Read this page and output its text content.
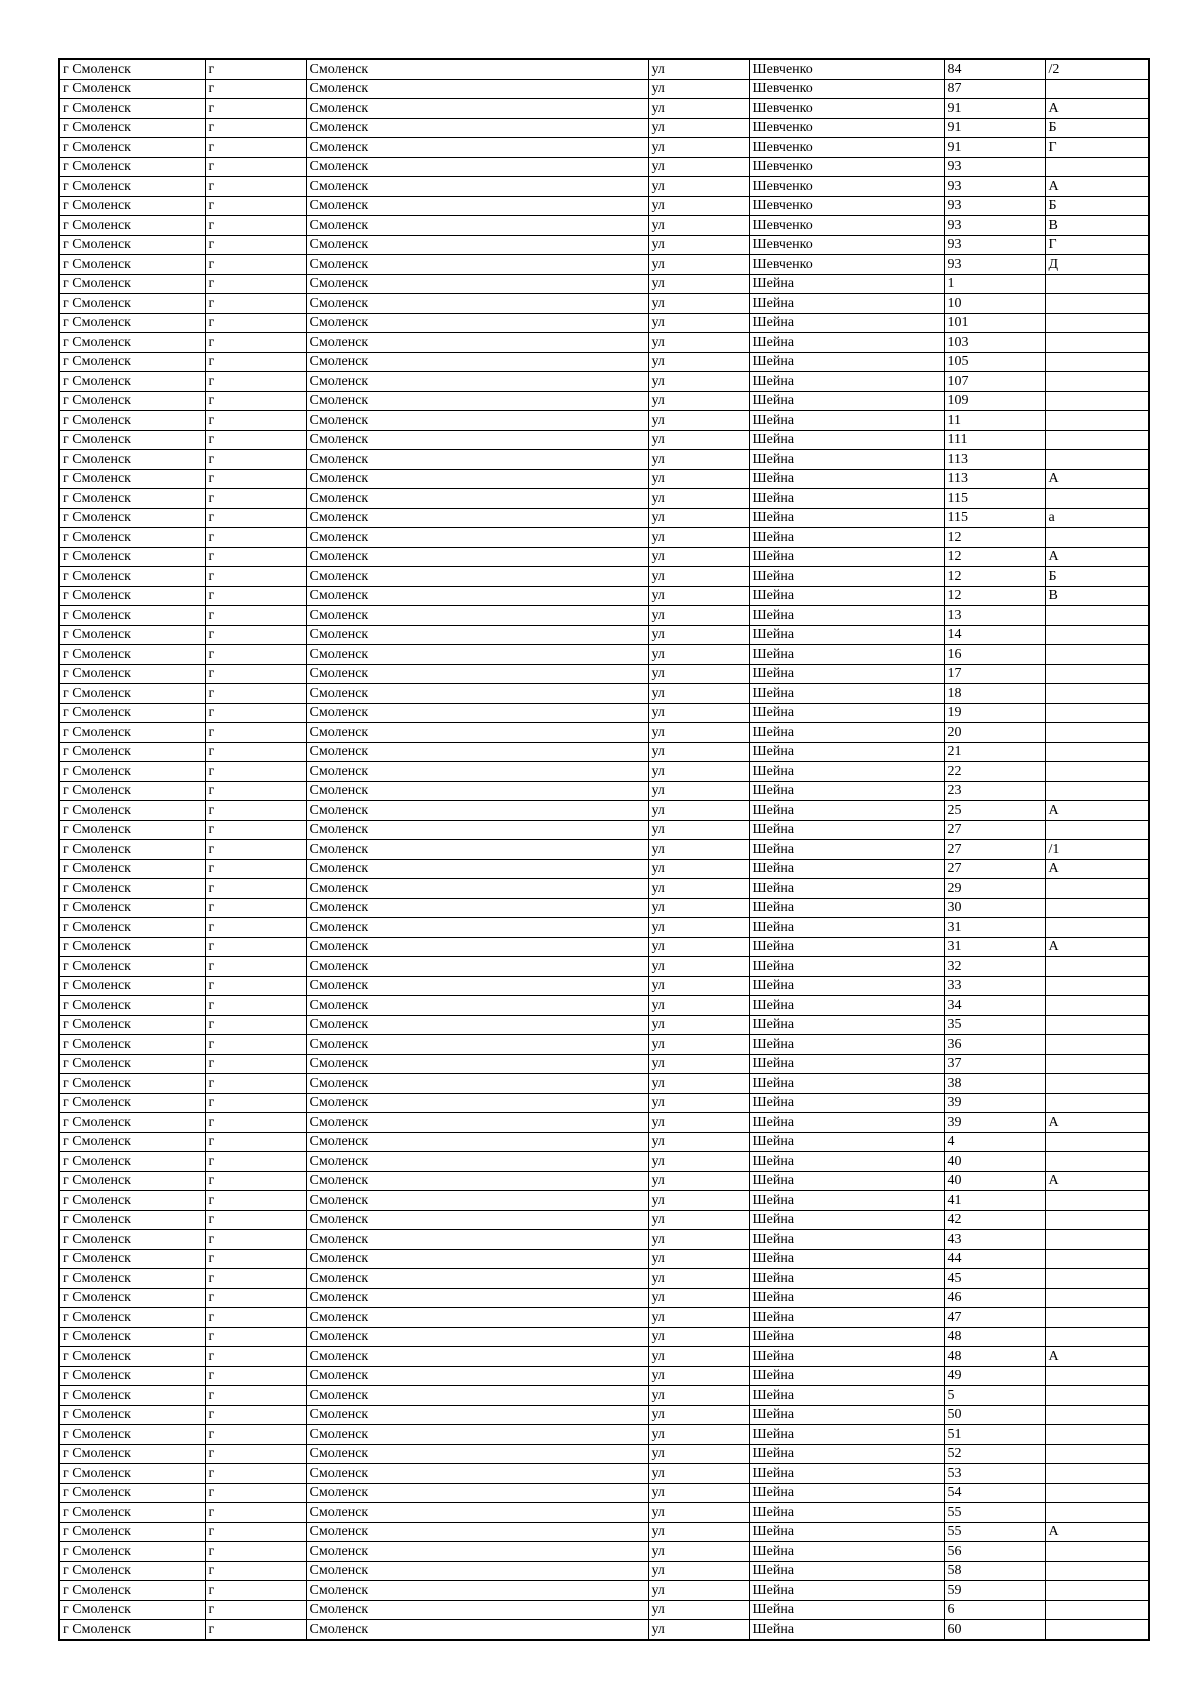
г Смоленск	г	Смоленск	ул	Шевченко	84	/2
г Смоленск	г	Смоленск	ул	Шевченко	87	
г Смоленск	г	Смоленск	ул	Шевченко	91	А
г Смоленск	г	Смоленск	ул	Шевченко	91	Б
г Смоленск	г	Смоленск	ул	Шевченко	91	Г
г Смоленск	г	Смоленск	ул	Шевченко	93	
г Смоленск	г	Смоленск	ул	Шевченко	93	А
г Смоленск	г	Смоленск	ул	Шевченко	93	Б
г Смоленск	г	Смоленск	ул	Шевченко	93	В
г Смоленск	г	Смоленск	ул	Шевченко	93	Г
г Смоленск	г	Смоленск	ул	Шевченко	93	Д
г Смоленск	г	Смоленск	ул	Шейна	1	
г Смоленск	г	Смоленск	ул	Шейна	10	
г Смоленск	г	Смоленск	ул	Шейна	101	
г Смоленск	г	Смоленск	ул	Шейна	103	
г Смоленск	г	Смоленск	ул	Шейна	105	
г Смоленск	г	Смоленск	ул	Шейна	107	
г Смоленск	г	Смоленск	ул	Шейна	109	
г Смоленск	г	Смоленск	ул	Шейна	11	
г Смоленск	г	Смоленск	ул	Шейна	111	
г Смоленск	г	Смоленск	ул	Шейна	113	
г Смоленск	г	Смоленск	ул	Шейна	113	А
г Смоленск	г	Смоленск	ул	Шейна	115	
г Смоленск	г	Смоленск	ул	Шейна	115	а
г Смоленск	г	Смоленск	ул	Шейна	12	
г Смоленск	г	Смоленск	ул	Шейна	12	А
г Смоленск	г	Смоленск	ул	Шейна	12	Б
г Смоленск	г	Смоленск	ул	Шейна	12	В
г Смоленск	г	Смоленск	ул	Шейна	13	
г Смоленск	г	Смоленск	ул	Шейна	14	
г Смоленск	г	Смоленск	ул	Шейна	16	
г Смоленск	г	Смоленск	ул	Шейна	17	
г Смоленск	г	Смоленск	ул	Шейна	18	
г Смоленск	г	Смоленск	ул	Шейна	19	
г Смоленск	г	Смоленск	ул	Шейна	20	
г Смоленск	г	Смоленск	ул	Шейна	21	
г Смоленск	г	Смоленск	ул	Шейна	22	
г Смоленск	г	Смоленск	ул	Шейна	23	
г Смоленск	г	Смоленск	ул	Шейна	25	А
г Смоленск	г	Смоленск	ул	Шейна	27	
г Смоленск	г	Смоленск	ул	Шейна	27	/1
г Смоленск	г	Смоленск	ул	Шейна	27	А
г Смоленск	г	Смоленск	ул	Шейна	29	
г Смоленск	г	Смоленск	ул	Шейна	30	
г Смоленск	г	Смоленск	ул	Шейна	31	
г Смоленск	г	Смоленск	ул	Шейна	31	А
г Смоленск	г	Смоленск	ул	Шейна	32	
г Смоленск	г	Смоленск	ул	Шейна	33	
г Смоленск	г	Смоленск	ул	Шейна	34	
г Смоленск	г	Смоленск	ул	Шейна	35	
г Смоленск	г	Смоленск	ул	Шейна	36	
г Смоленск	г	Смоленск	ул	Шейна	37	
г Смоленск	г	Смоленск	ул	Шейна	38	
г Смоленск	г	Смоленск	ул	Шейна	39	
г Смоленск	г	Смоленск	ул	Шейна	39	А
г Смоленск	г	Смоленск	ул	Шейна	4	
г Смоленск	г	Смоленск	ул	Шейна	40	
г Смоленск	г	Смоленск	ул	Шейна	40	А
г Смоленск	г	Смоленск	ул	Шейна	41	
г Смоленск	г	Смоленск	ул	Шейна	42	
г Смоленск	г	Смоленск	ул	Шейна	43	
г Смоленск	г	Смоленск	ул	Шейна	44	
г Смоленск	г	Смоленск	ул	Шейна	45	
г Смоленск	г	Смоленск	ул	Шейна	46	
г Смоленск	г	Смоленск	ул	Шейна	47	
г Смоленск	г	Смоленск	ул	Шейна	48	
г Смоленск	г	Смоленск	ул	Шейна	48	А
г Смоленск	г	Смоленск	ул	Шейна	49	
г Смоленск	г	Смоленск	ул	Шейна	5	
г Смоленск	г	Смоленск	ул	Шейна	50	
г Смоленск	г	Смоленск	ул	Шейна	51	
г Смоленск	г	Смоленск	ул	Шейна	52	
г Смоленск	г	Смоленск	ул	Шейна	53	
г Смоленск	г	Смоленск	ул	Шейна	54	
г Смоленск	г	Смоленск	ул	Шейна	55	
г Смоленск	г	Смоленск	ул	Шейна	55	А
г Смоленск	г	Смоленск	ул	Шейна	56	
г Смоленск	г	Смоленск	ул	Шейна	58	
г Смоленск	г	Смоленск	ул	Шейна	59	
г Смоленск	г	Смоленск	ул	Шейна	6	
г Смоленск	г	Смоленск	ул	Шейна	60	
